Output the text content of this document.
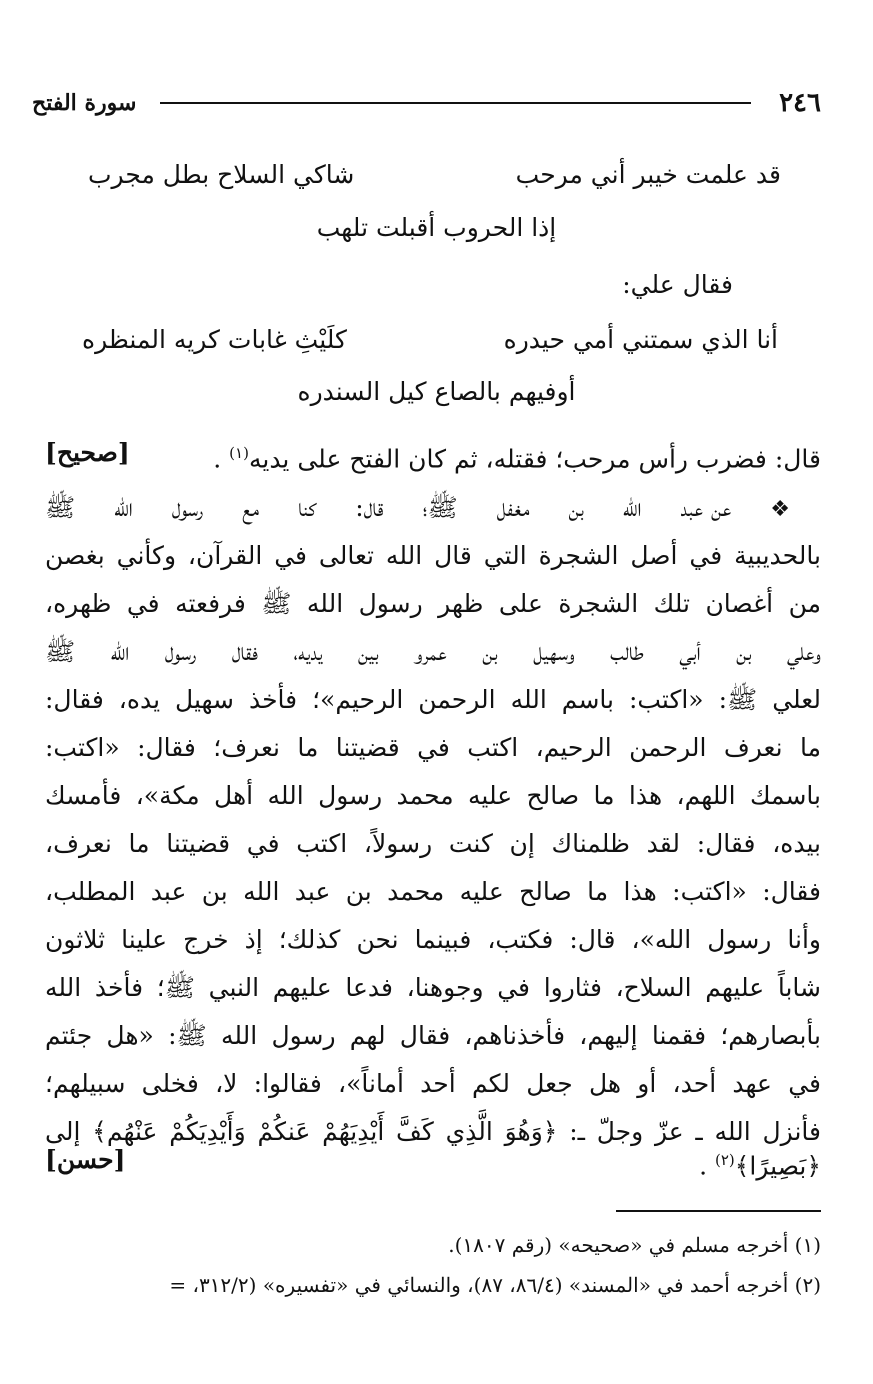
٢٤٦
سورة الفتح
قد علمت خيبر أني مرحب
شاكي السلاح بطل مجرب
إذا الحروب أقبلت تلهب
فقال علي:
أنا الذي سمتني أمي حيدره
كلَيْثِ غابات كريه المنظره
أوفيهم بالصاع كيل السندره
قال: فضرب رأس مرحب؛ فقتله، ثم كان الفتح على يديه$^{(١)}$ .
[صحيح]
❖ عن عبد الله بن مغفل ﷺ؛ قال: كنا مع رسول الله ﷺ
بالحديبية في أصل الشجرة التي قال الله تعالى في القرآن، وكأني بغصن
من أغصان تلك الشجرة على ظهر رسول الله ﷺ فرفعته في ظهره،
وعلي بن أبي طالب وسهيل بن عمرو بين يديه، فقال رسول الله ﷺ
لعلي ﷺ: «اكتب: باسم الله الرحمن الرحيم»؛ فأخذ سهيل يده، فقال:
ما نعرف الرحمن الرحيم، اكتب في قضيتنا ما نعرف؛ فقال: «اكتب:
باسمك اللهم، هذا ما صالح عليه محمد رسول الله أهل مكة»، فأمسك
بيده، فقال: لقد ظلمناك إن كنت رسولاً، اكتب في قضيتنا ما نعرف،
فقال: «اكتب: هذا ما صالح عليه محمد بن عبد الله بن عبد المطلب،
وأنا رسول الله»، قال: فكتب، فبينما نحن كذلك؛ إذ خرج علينا ثلاثون
شاباً عليهم السلاح، فثاروا في وجوهنا، فدعا عليهم النبي ﷺ؛ فأخذ الله
بأبصارهم؛ فقمنا إليهم، فأخذناهم، فقال لهم رسول الله ﷺ: «هل جئتم
في عهد أحد، أو هل جعل لكم أحد أماناً»، فقالوا: لا، فخلى سبيلهم؛
فأنزل الله ـ عزّ وجلّ ـ: ﴿وَهُوَ الَّذِي كَفَّ أَيْدِيَهُمْ عَنكُمْ وَأَيْدِيَكُمْ عَنْهُم﴾ إلى
﴿بَصِيرًا﴾$^{(٢)}$ .
[حسن]
(١) أخرجه مسلم في «صحيحه» (رقم ١٨٠٧).
(٢) أخرجه أحمد في «المسند» (٨٦/٤، ٨٧)، والنسائي في «تفسيره» (٣١٢/٢، =
